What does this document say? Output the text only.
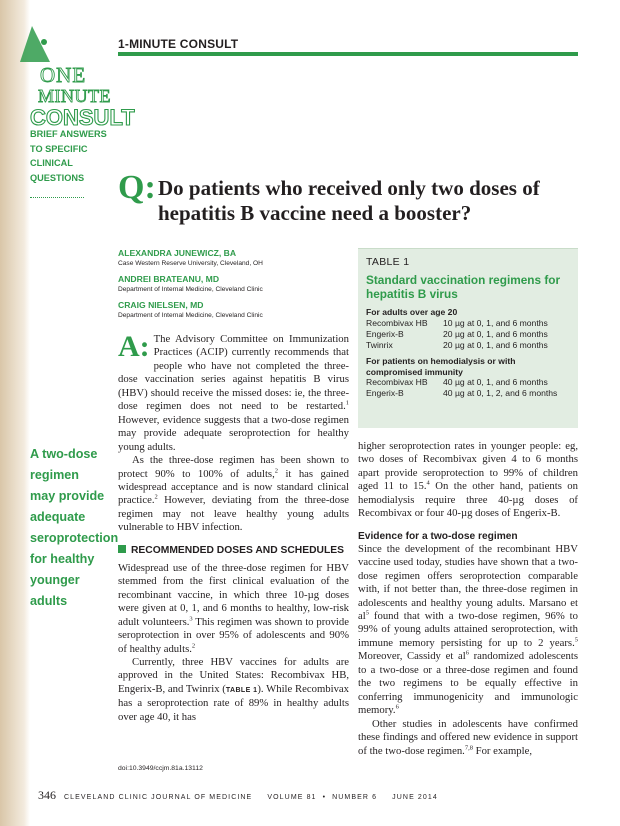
ONE
MINUTE
CONSULT
1-MINUTE CONSULT
BRIEF ANSWERS
TO SPECIFIC
CLINICAL
QUESTIONS Q: Do patients who received only two doses of hepatitis B vaccine need a booster?
ALEXANDRA JUNEWICZ, BA
Case Western Reserve University, Cleveland, OH
ANDREI BRATEANU, MD
Department of Internal Medicine, Cleveland Clinic
CRAIG NIELSEN, MD
Department of Internal Medicine, Cleveland Clinic
TABLE 1
Standard vaccination regimens for hepatitis B virus
For adults over age 20
Recombivax HB	10 µg at 0, 1, and 6 months
Engerix-B	20 µg at 0, 1, and 6 months
Twinrix	20 µg at 0, 1, and 6 months
For patients on hemodialysis or with compromised immunity
Recombivax HB	40 µg at 0, 1, and 6 months
Engerix-B	40 µg at 0, 1, 2, and 6 months

A: The Advisory Committee on Immunization Practices (ACIP) currently recommends that people who have not completed the three-dose vaccination series against hepatitis B virus (HBV) should receive the missed doses: ie, the three-dose regimen does not need to be restarted.$^1$ However, evidence suggests that a two-dose regimen may provide adequate seroprotection for healthy young adults.

As the three-dose regimen has been shown to protect 90% to 100% of adults,$^2$ it has gained widespread acceptance and is now standard clinical practice.$^2$ However, deviating from the three-dose regimen may not leave healthy young adults vulnerable to HBV infection.

RECOMMENDED DOSES AND SCHEDULES

Widespread use of the three-dose regimen for HBV stemmed from the first clinical evaluation of the recombinant vaccine, in which three 10-µg doses were given at 0, 1, and 6 months to healthy, low-risk adult volunteers.$^3$ This regimen was shown to provide seroprotection in over 95% of adolescents and 90% of healthy adults.$^2$

Currently, three HBV vaccines for adults are approved in the United States: Recombivax HB, Engerix-B, and Twinrix (TABLE 1). While Recombivax has a seroprotection rate of 89% in healthy adults over age 40, it has

higher seroprotection rates in younger people: eg, two doses of Recombivax given 4 to 6 months apart provide seroprotection to 99% of children aged 11 to 15.$^4$ On the other hand, patients on hemodialysis require three 40-µg doses of Recombivax or four 40-µg doses of Engerix-B.

Evidence for a two-dose regimen

Since the development of the recombinant HBV vaccine used today, studies have shown that a two-dose regimen offers seroprotection comparable with, if not better than, the three-dose regimen in adolescents and healthy young adults. Marsano et $al^5$ found that with a two-dose regimen, 96% to 99% of young adults attained seroprotection, with immune memory persisting for up to 2 years.$^5$ Moreover, Cassidy et $al^6$ randomized adolescents to a two-dose or a three-dose regimen and found the two regimens to be equally effective in conferring immunogenicity and immunologic memory.$^6$

Other studies in adolescents have confirmed these findings and offered new evidence in support of the two-dose regimen.$^{7,8}$ For example,

A two-dose
regimen
may provide
adequate
seroprotection
for healthy
younger adults
doi:10.3949/ccjm.81a.13112
346 CLEVELAND CLINIC JOURNAL OF MEDICINE VOLUME 81 • NUMBER 6 JUNE 2014
